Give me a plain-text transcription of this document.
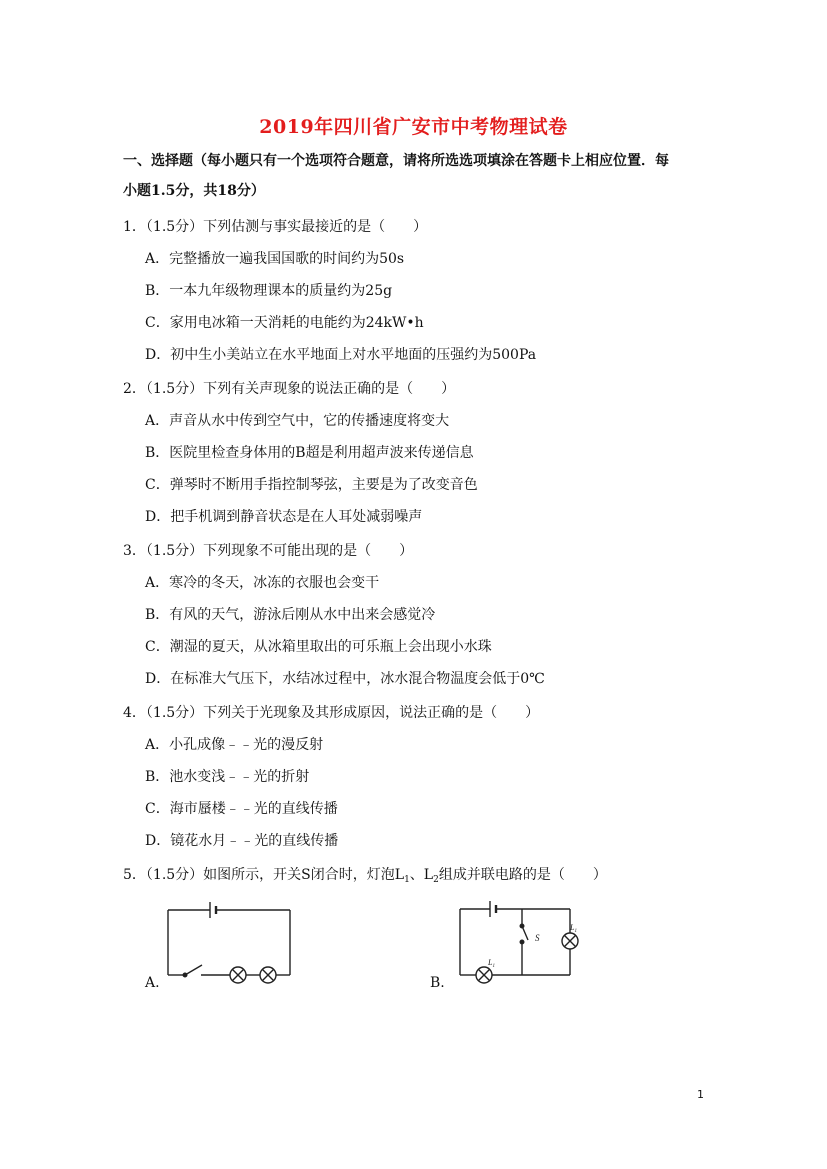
2019年四川省广安市中考物理试卷
一、选择题（每小题只有一个选项符合题意，请将所选选项填涂在答题卡上相应位置．每
小题1.5分，共18分）
1．（1.5分）下列估测与事实最接近的是（　　）
A．完整播放一遍我国国歌的时间约为50s
B．一本九年级物理课本的质量约为25g
C．家用电冰箱一天消耗的电能约为24kW•h
D．初中生小美站立在水平地面上对水平地面的压强约为500Pa
2．（1.5分）下列有关声现象的说法正确的是（　　）
A．声音从水中传到空气中，它的传播速度将变大
B．医院里检查身体用的B超是利用超声波来传递信息
C．弹琴时不断用手指控制琴弦，主要是为了改变音色
D．把手机调到静音状态是在人耳处减弱噪声
3．（1.5分）下列现象不可能出现的是（　　）
A．寒冷的冬天，冰冻的衣服也会变干
B．有风的天气，游泳后刚从水中出来会感觉冷
C．潮湿的夏天，从冰箱里取出的可乐瓶上会出现小水珠
D．在标准大气压下，水结冰过程中，冰水混合物温度会低于0℃
4．（1.5分）下列关于光现象及其形成原因，说法正确的是（　　）
A．小孔成像﹣﹣光的漫反射
B．池水变浅﹣﹣光的折射
C．海市蜃楼﹣﹣光的直线传播
D．镜花水月﹣﹣光的直线传播
5．（1.5分）如图所示，开关S闭合时，灯泡$L_1$、$L_2$组成并联电路的是（　　）
A.
S
$L_1$
$L_1$
B.
1
